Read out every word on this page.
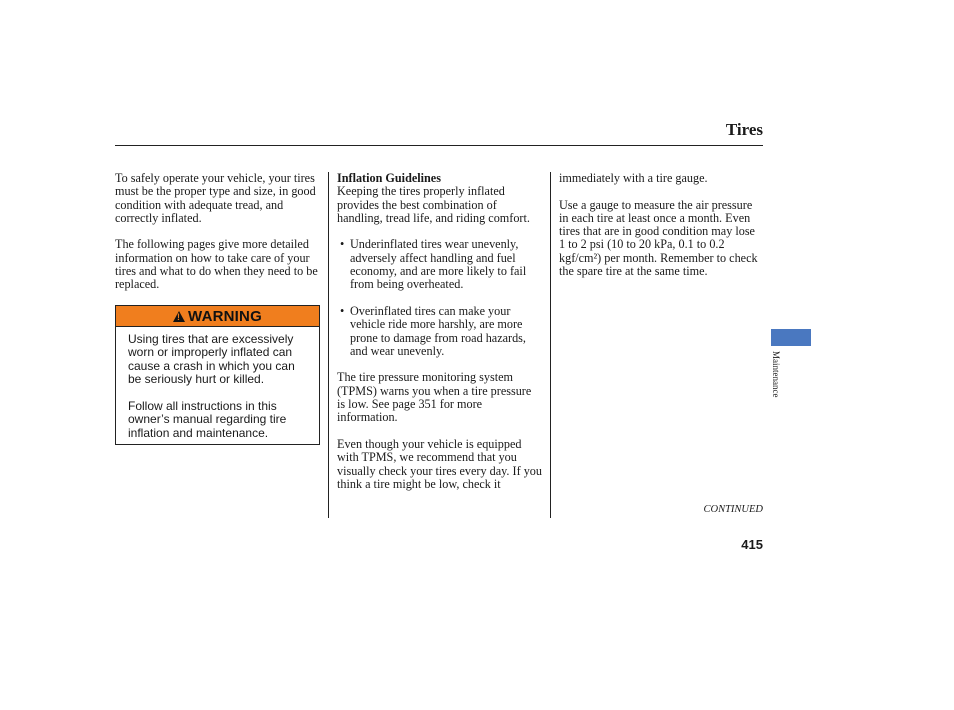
Tires

To safely operate your vehicle, your tires must be the proper type and size, in good condition with adequate tread, and correctly inflated.

The following pages give more detailed information on how to take care of your tires and what to do when they need to be replaced.

!
WARNING

Using tires that are excessively worn or improperly inflated can cause a crash in which you can be seriously hurt or killed.

Follow all instructions in this owner’s manual regarding tire inflation and maintenance.

Inflation Guidelines

Keeping the tires properly inflated provides the best combination of handling, tread life, and riding comfort.

• Underinflated tires wear unevenly, adversely affect handling and fuel economy, and are more likely to fail from being overheated.
• Overinflated tires can make your vehicle ride more harshly, are more prone to damage from road hazards, and wear unevenly.

The tire pressure monitoring system (TPMS) warns you when a tire pressure is low. See page 351 for more information.

Even though your vehicle is equipped with TPMS, we recommend that you visually check your tires every day. If you think a tire might be low, check it

immediately with a tire gauge.

Use a gauge to measure the air pressure in each tire at least once a month. Even tires that are in good condition may lose 1 to 2 psi (10 to 20 kPa, 0.1 to 0.2 kgf/cm²) per month. Remember to check the spare tire at the same time.

CONTINUED
415
Maintenance
